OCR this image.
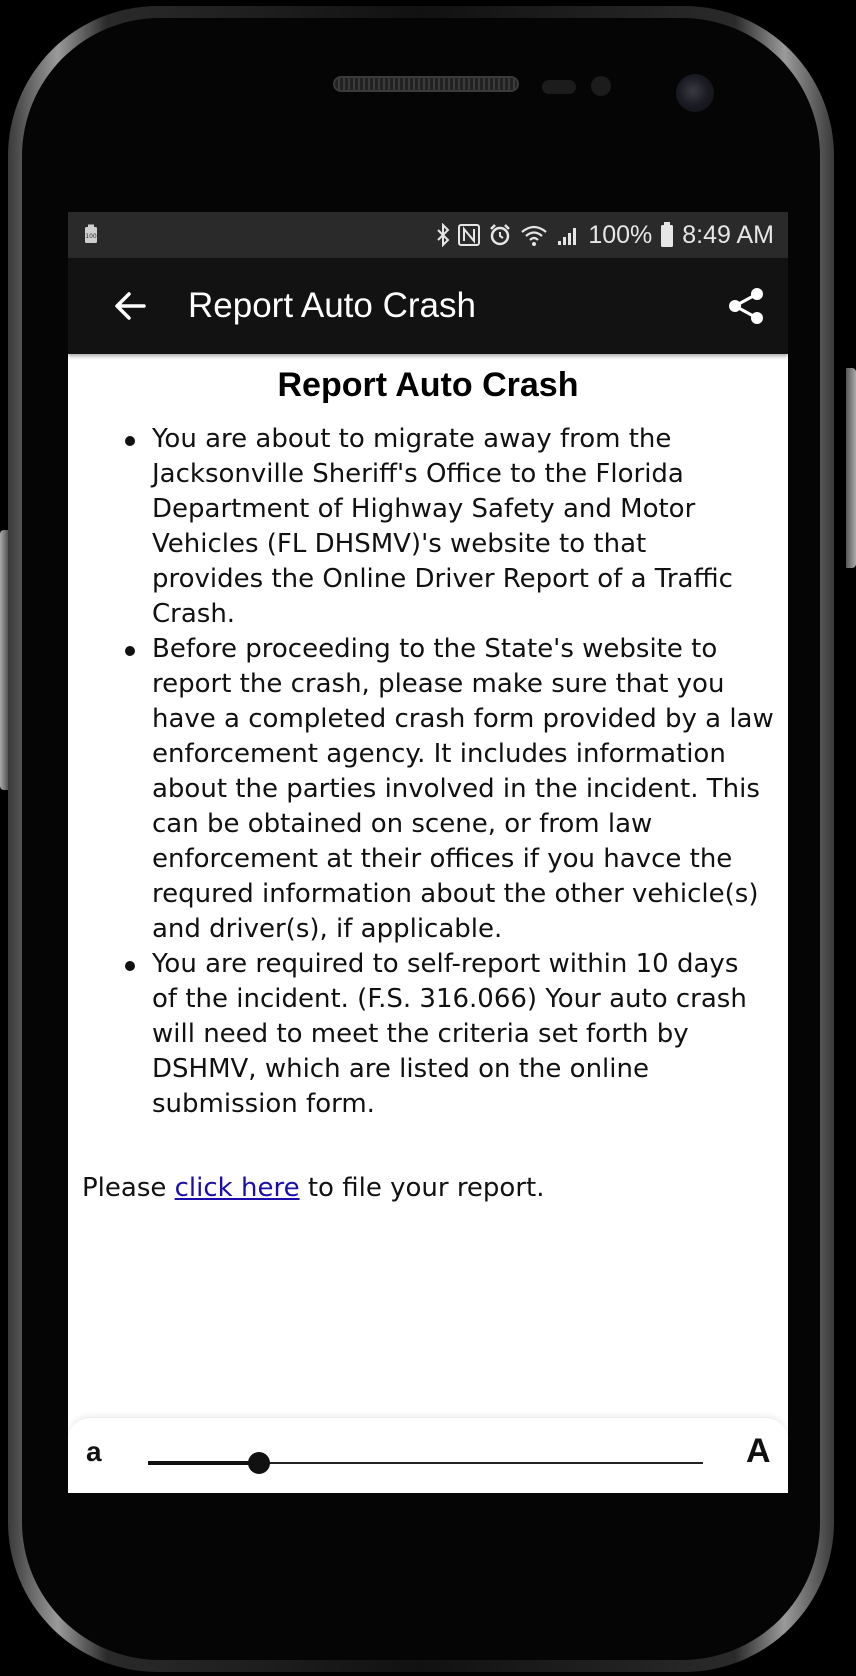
100	100% 8:49 AM
Report Auto Crash
Report Auto Crash
You are about to migrate away from the
Jacksonville Sheriff's Office to the Florida
Department of Highway Safety and Motor
Vehicles (FL DHSMV)'s website to that
provides the Online Driver Report of a Traffic
Crash.
Before proceeding to the State's website to
report the crash, please make sure that you
have a completed crash form provided by a law
enforcement agency. It includes information
about the parties involved in the incident. This
can be obtained on scene, or from law
enforcement at their offices if you havce the
requred information about the other vehicle(s)
and driver(s), if applicable.
You are required to self-report within 10 days
of the incident. (F.S. 316.066) Your auto crash
will need to meet the criteria set forth by
DSHMV, which are listed on the online
submission form.
Please click here to file your report.
a	A
